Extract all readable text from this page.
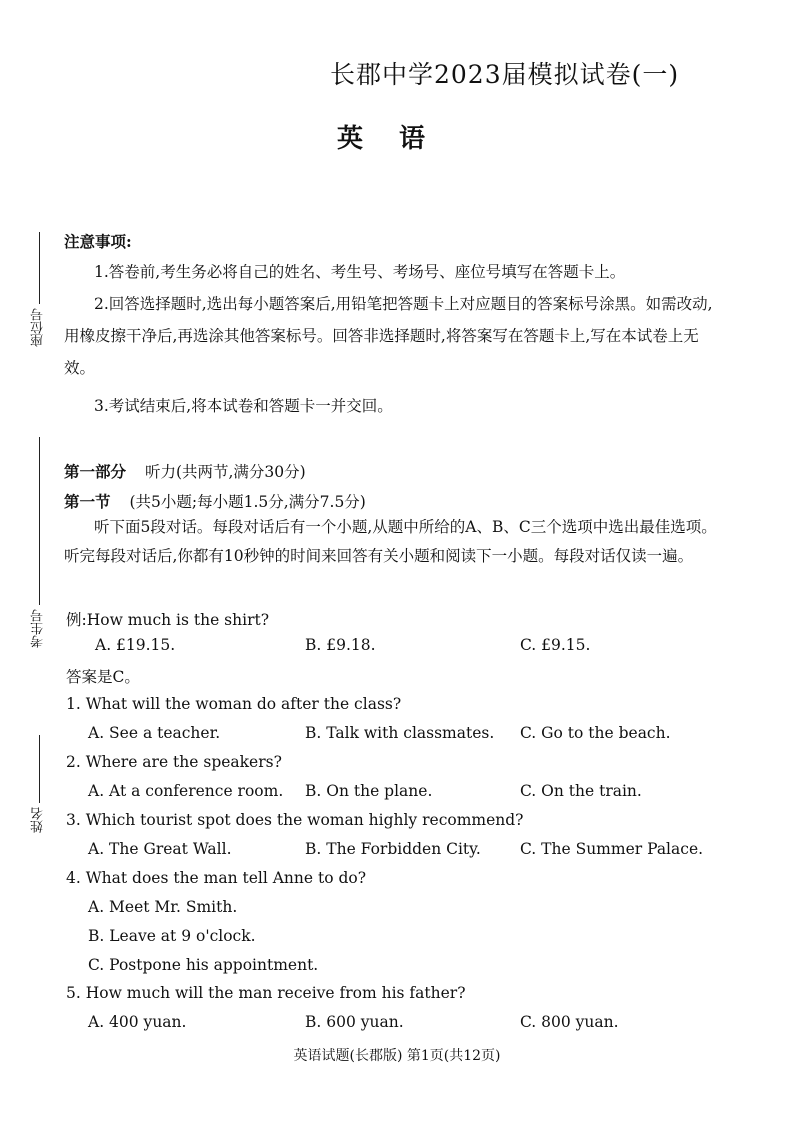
长郡中学2023届模拟试卷(一)
英语
座位号
考生号
姓名
注意事项:
1.答卷前,考生务必将自己的姓名、考生号、考场号、座位号填写在答题卡上。
2.回答选择题时,选出每小题答案后,用铅笔把答题卡上对应题目的答案标号涂黑。如需改动,用橡皮擦干净后,再选涂其他答案标号。回答非选择题时,将答案写在答题卡上,写在本试卷上无效。
3.考试结束后,将本试卷和答题卡一并交回。
第一部分 听力(共两节,满分30分)
第一节 (共5小题;每小题1.5分,满分7.5分)
听下面5段对话。每段对话后有一个小题,从题中所给的A、B、C三个选项中选出最佳选项。听完每段对话后,你都有10秒钟的时间来回答有关小题和阅读下一小题。每段对话仅读一遍。
例:How much is the shirt?
A. £19.15.	B. £9.18.	C. £9.15.
答案是C。
1. What will the woman do after the class?
A. See a teacher.	B. Talk with classmates. C. Go to the beach.
2. Where are the speakers?
A. At a conference room. B. On the plane.	C. On the train.
3. Which tourist spot does the woman highly recommend?
A. The Great Wall.	B. The Forbidden City.	C. The Summer Palace.
4. What does the man tell Anne to do?
A. Meet Mr. Smith.
B. Leave at 9 o'clock.
C. Postpone his appointment.
5. How much will the man receive from his father?
A. 400 yuan.	B. 600 yuan.	C. 800 yuan.
英语试题(长郡版) 第1页(共12页)
